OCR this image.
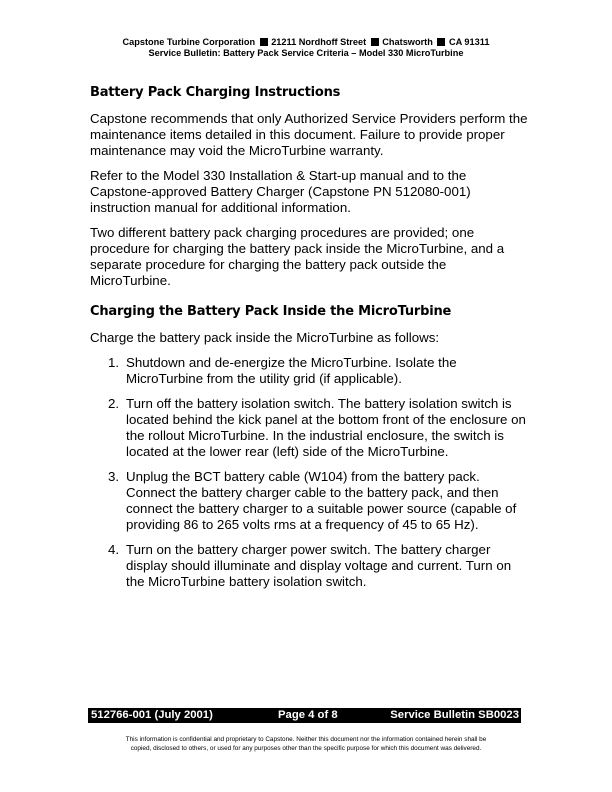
Capstone Turbine Corporation 21211 Nordhoff Street Chatsworth CA 91311
Service Bulletin: Battery Pack Service Criteria – Model 330 MicroTurbine
Battery Pack Charging Instructions

Capstone recommends that only Authorized Service Providers perform the maintenance items detailed in this document. Failure to provide proper maintenance may void the MicroTurbine warranty.

Refer to the Model 330 Installation & Start-up manual and to the Capstone-approved Battery Charger (Capstone PN 512080-001) instruction manual for additional information.

Two different battery pack charging procedures are provided; one procedure for charging the battery pack inside the MicroTurbine, and a separate procedure for charging the battery pack outside the MicroTurbine.

Charging the Battery Pack Inside the MicroTurbine

Charge the battery pack inside the MicroTurbine as follows:

1. Shutdown and de-energize the MicroTurbine. Isolate the MicroTurbine from the utility grid (if applicable).
2. Turn off the battery isolation switch. The battery isolation switch is located behind the kick panel at the bottom front of the enclosure on the rollout MicroTurbine. In the industrial enclosure, the switch is located at the lower rear (left) side of the MicroTurbine.
3. Unplug the BCT battery cable (W104) from the battery pack. Connect the battery charger cable to the battery pack, and then connect the battery charger to a suitable power source (capable of providing 86 to 265 volts rms at a frequency of 45 to 65 Hz).
4. Turn on the battery charger power switch. The battery charger display should illuminate and display voltage and current. Turn on the MicroTurbine battery isolation switch.
512766-001 (July 2001)	Page 4 of 8	Service Bulletin SB0023
This information is confidential and proprietary to Capstone. Neither this document nor the information contained herein shall be
copied, disclosed to others, or used for any purposes other than the specific purpose for which this document was delivered.
